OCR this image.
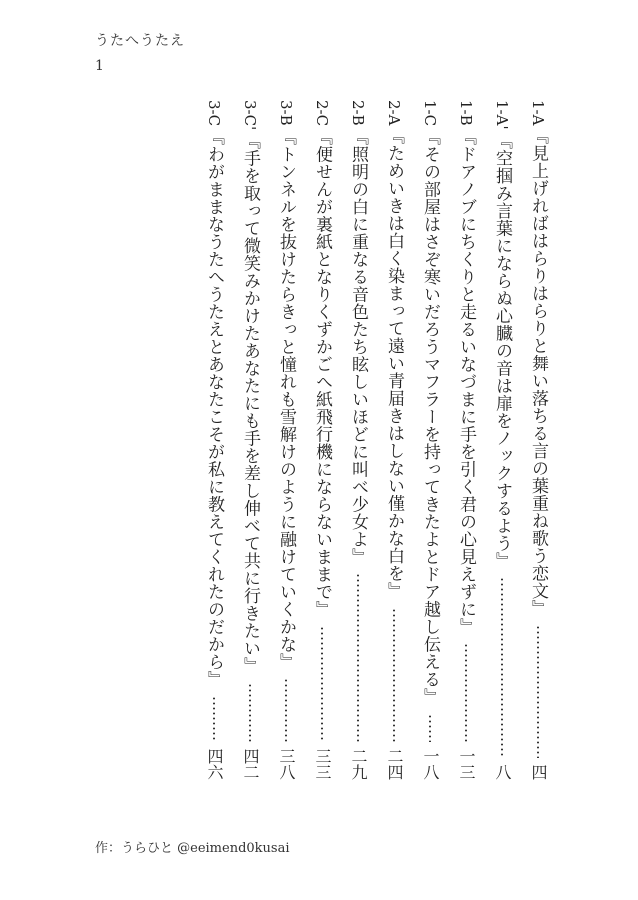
うたへうたえ
1
1-A
『見上げればはらりはらりと舞い落ちる言の葉重ね歌う恋文』
四
1-A'
『空掴み言葉にならぬ心臓の音は扉をノックするよう』
八
1-B
『ドアノブにちくりと走るいなづまに手を引く君の心見えずに』
一三
1-C
『その部屋はさぞ寒いだろうマフラーを持ってきたよとドア越し伝える』
一八
2-A
『ためいきは白く染まって遠い青届きはしない僅かな白を』
二四
2-B
『照明の白に重なる音色たち眩しいほどに叫べ少女よ』
二九
2-C
『便せんが裏紙となりくずかごへ紙飛行機にならないままで』
三三
3-B
『トンネルを抜けたらきっと憧れも雪解けのように融けていくかな』
三八
3-C'
『手を取って微笑みかけたあなたにも手を差し伸べて共に行きたい』
四二
3-C
『わがままなうたへうたえとあなたこそが私に教えてくれたのだから』
四六
作：うらひと @eeimend0kusai
